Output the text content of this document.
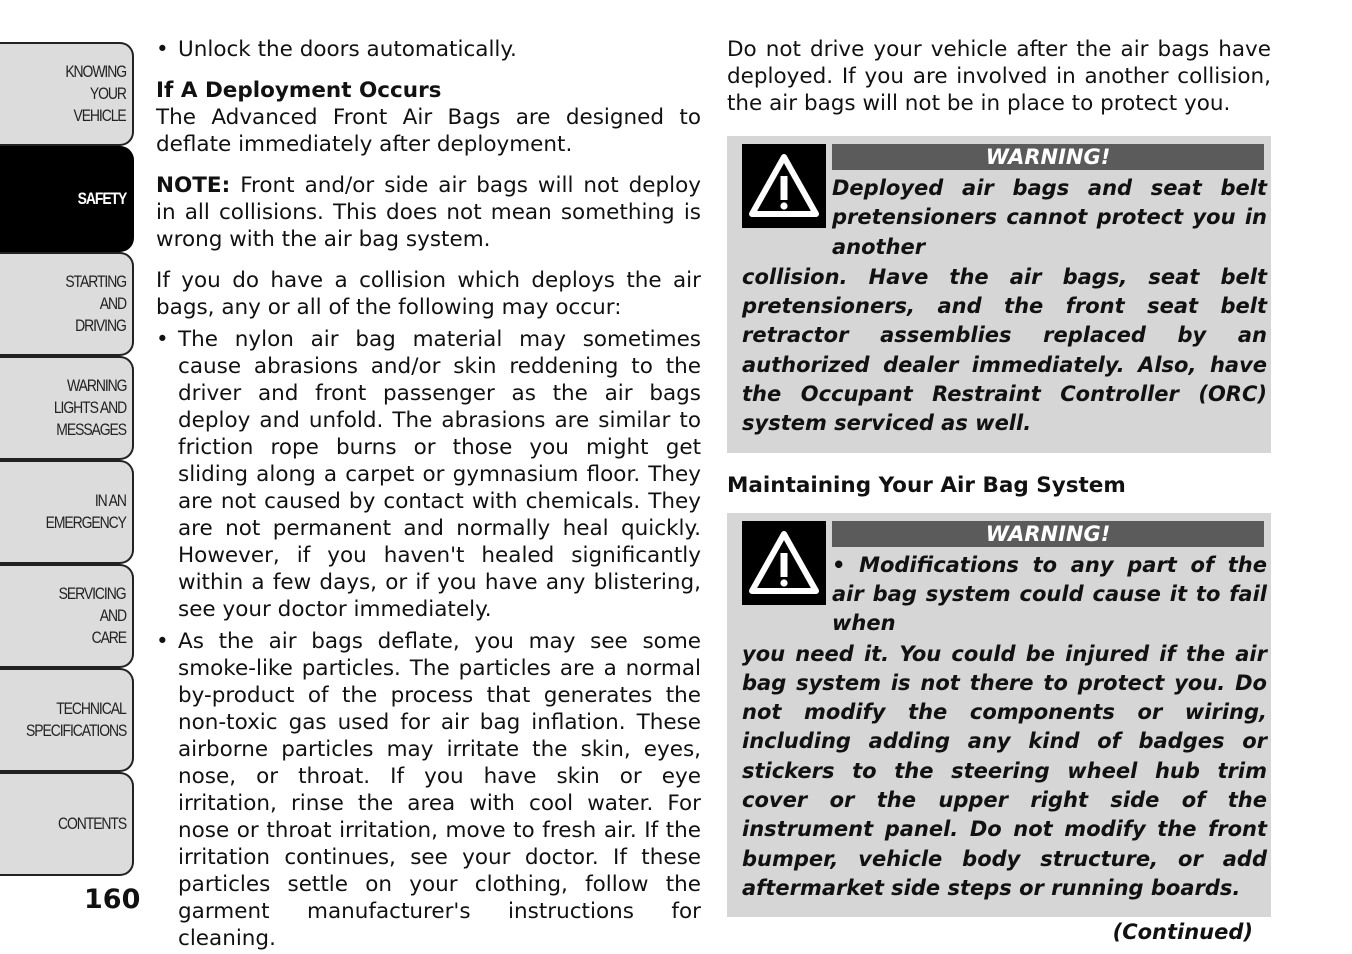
KNOWING
YOUR
VEHICLE
SAFETY
STARTING
AND
DRIVING
WARNING
LIGHTS AND
MESSAGES
IN AN
EMERGENCY
SERVICING
AND
CARE
TECHNICAL
SPECIFICATIONS
CONTENTS
160

• Unlock the doors automatically.

If A Deployment Occurs

The Advanced Front Air Bags are designed to deflate immediately after deployment.

NOTE: Front and/or side air bags will not deploy in all collisions. This does not mean something is wrong with the air bag system.

If you do have a collision which deploys the air bags, any or all of the following may occur:

• The nylon air bag material may sometimes cause abrasions and/or skin reddening to the driver and front passenger as the air bags deploy and unfold. The abrasions are similar to friction rope burns or those you might get sliding along a carpet or gymnasium floor. They are not caused by contact with chemicals. They are not permanent and normally heal quickly. However, if you haven't healed significantly within a few days, or if you have any blistering, see your doctor immediately.

• As the air bags deflate, you may see some smoke-like particles. The particles are a normal by-product of the process that generates the non-toxic gas used for air bag inflation. These airborne particles may irritate the skin, eyes, nose, or throat. If you have skin or eye irritation, rinse the area with cool water. For nose or throat irritation, move to fresh air. If the irritation continues, see your doctor. If these particles settle on your clothing, follow the garment manufacturer's instructions for cleaning.

Do not drive your vehicle after the air bags have deployed. If you are involved in another collision, the air bags will not be in place to protect you.

WARNING!
Deployed air bags and seat belt pretensioners cannot protect you in another
collision. Have the air bags, seat belt pretensioners, and the front seat belt retractor assemblies replaced by an authorized dealer immediately. Also, have the Occupant Restraint Controller (ORC) system serviced as well.

Maintaining Your Air Bag System

WARNING!
• Modifications to any part of the air bag system could cause it to fail when
you need it. You could be injured if the air bag system is not there to protect you. Do not modify the components or wiring, including adding any kind of badges or stickers to the steering wheel hub trim cover or the upper right side of the instrument panel. Do not modify the front bumper, vehicle body structure, or add aftermarket side steps or running boards.
(Continued)
